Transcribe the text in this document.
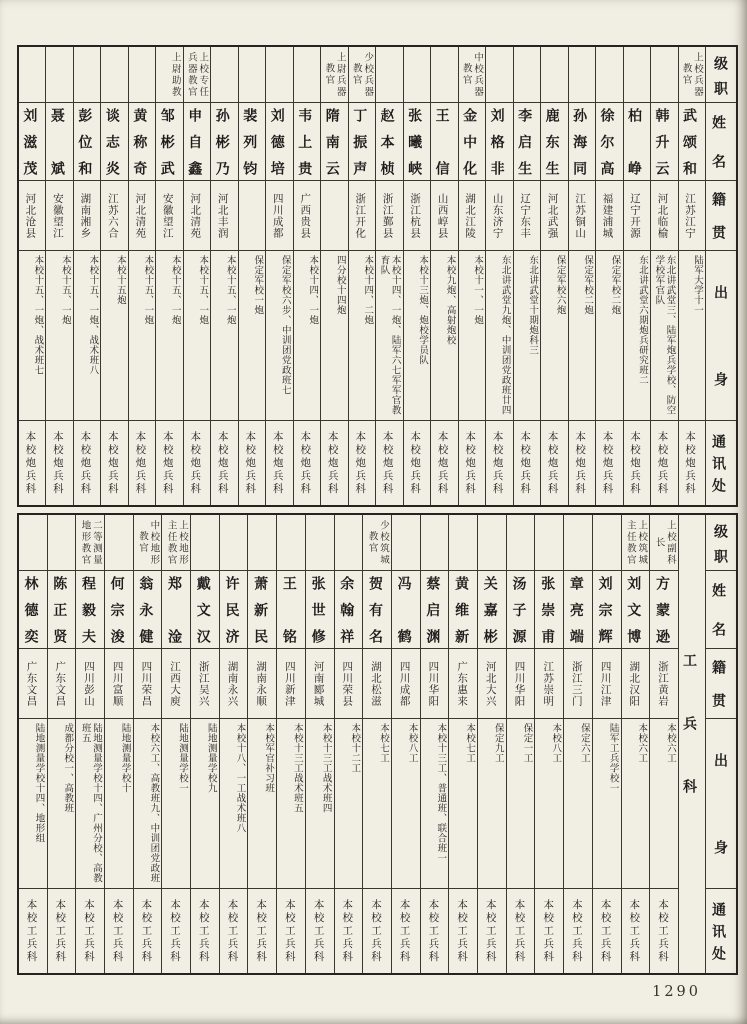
级职
姓名
籍贯
出身
通讯处
上校兵器教官
武颂和
江苏江宁
陆军大学十一
本校炮兵科
韩升云
河北临榆
东北讲武堂三、陆军炮兵学校、防空学校军官队
本校炮兵科
柏峥
辽宁开源
东北讲武堂六期炮兵研究班二
本校炮兵科
徐尔高
福建浦城
保定军校二炮
本校炮兵科
孙海同
江苏铜山
保定军校二炮
本校炮兵科
鹿东生
河北武强
保定军校六炮
本校炮兵科
李启生
辽宁东丰
东北讲武堂十期炮科三
本校炮兵科
刘格非
山东济宁
东北讲武堂九炮、中训团党政班廿四
本校炮兵科
中校兵器教官
金中化
湖北江陵
本校十一、一炮
本校炮兵科
王信
山西崞县
本校九炮、高射炮校
本校炮兵科
张曦峡
浙江杭县
本校十三炮、炮校学员队
本校炮兵科
赵本桢
浙江鄞县
本校十四、一炮、陆军六七军军官教育队
本校炮兵科
少校兵器教官
丁振声
浙江开化
本校十四、二炮
本校炮兵科
上尉兵器教官
隋南云
四分校十四炮
本校炮兵科
韦上贵
广西贵县
本校十四、一炮
本校炮兵科
刘德培
四川成都
保定军校六步、中训团党政班七
本校炮兵科
裴列钧
保定军校一炮
本校炮兵科
孙彬乃
河北丰润
本校十五、一炮
本校炮兵科
上校专任兵器教官
申自鑫
河北清苑
本校十五、一炮
本校炮兵科
上尉助教
邹彬武
安徽望江
本校十五、一炮
本校炮兵科
黄称奇
河北清苑
本校十五、一炮
本校炮兵科
谈志炎
江苏六合
本校十五炮
本校炮兵科
彭位和
湖南湘乡
本校十五、一炮、战术班八
本校炮兵科
聂斌
安徽望江
本校十五、一炮
本校炮兵科
刘滋茂
河北沧县
本校十五、一炮、战术班七
本校炮兵科
级职
姓名
籍贯
出身
通讯处
工兵科
上校副科长
方蒙逊
浙江黄岩
本校六工
本校工兵科
上校筑城主任教官
刘文博
湖北汉阳
本校六工
本校工兵科
刘宗辉
四川江津
陆军工兵学校一
本校工兵科
章亮端
浙江三门
保定六工
本校工兵科
张崇甫
江苏崇明
本校八工
本校工兵科
汤子源
四川华阳
保定一工
本校工兵科
关嘉彬
河北大兴
保定九工
本校工兵科
黄维新
广东惠来
本校七工
本校工兵科
蔡启渊
四川华阳
本校十三工、普通班、联合班一
本校工兵科
冯鹤
四川成都
本校八工
本校工兵科
少校筑城教官
贺有名
湖北松滋
本校七工
本校工兵科
余翰祥
四川荣县
本校十二工
本校工兵科
张世修
河南郾城
本校十三工战术班四
本校工兵科
王铭
四川新津
本校十三工战术班五
本校工兵科
萧新民
湖南永顺
本校军官补习班
本校工兵科
许民济
湖南永兴
本校十八、一工战术班八
本校工兵科
戴文汉
浙江吴兴
陆地测量学校九
本校工兵科
上校地形主任教官
郑淦
江西大庾
陆地测量学校一
本校工兵科
中校地形教官
翁永健
四川荣昌
本校六工、高教班九、中训团党政班
本校工兵科
何宗浚
四川富顺
陆地测量学校十
本校工兵科
二等测量地形教官
程毅夫
四川彭山
陆地测量学校十四、广州分校、高教班五
本校工兵科
陈正贤
广东文昌
成都分校一、高教班
本校工兵科
林德奕
广东文昌
陆地测量学校十四、地形组
本校工兵科
1290
